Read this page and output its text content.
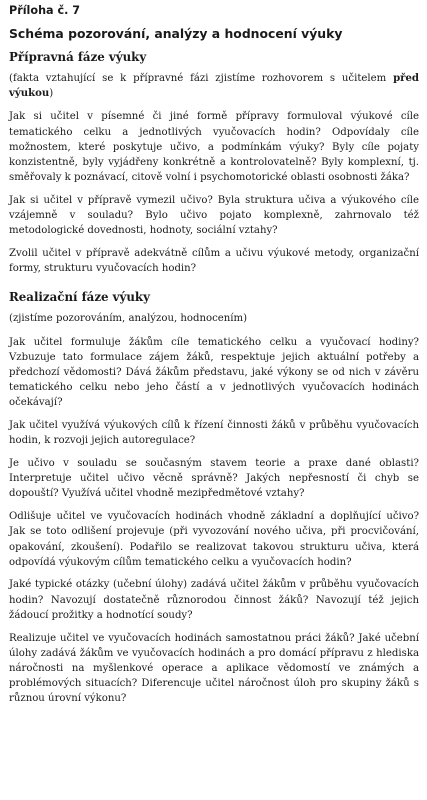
Příloha č. 7
Schéma pozorování, analýzy a hodnocení výuky
Přípravná fáze výuky

(fakta vztahující se k přípravné fázi zjistíme rozhovorem s učitelem před výukou)

Jak si učitel v písemné či jiné formě přípravy formuloval výukové cíle tematického celku a jednotlivých vyučovacích hodin? Odpovídaly cíle možnostem, které poskytuje učivo, a podmínkám výuky? Byly cíle pojaty konzistentně, byly vyjádřeny konkrétně a kontrolovatelně? Byly komplexní, tj. směřovaly k poznávací, citově volní i psychomotorické oblasti osobnosti žáka?

Jak si učitel v přípravě vymezil učivo? Byla struktura učiva a výukového cíle vzájemně v souladu? Bylo učivo pojato komplexně, zahrnovalo též metodologické dovednosti, hodnoty, sociální vztahy?

Zvolil učitel v přípravě adekvátně cílům a učivu výukové metody, organizační formy, strukturu vyučovacích hodin?

Realizační fáze výuky

(zjistíme pozorováním, analýzou, hodnocením)

Jak učitel formuluje žákům cíle tematického celku a vyučovací hodiny? Vzbuzuje tato formulace zájem žáků, respektuje jejich aktuální potřeby a předchozí vědomosti? Dává žákům představu, jaké výkony se od nich v závěru tematického celku nebo jeho částí a v jednotlivých vyučovacích hodinách očekávají?

Jak učitel využívá výukových cílů k řízení činnosti žáků v průběhu vyučovacích hodin, k rozvoji jejich autoregulace?

Je učivo v souladu se současným stavem teorie a praxe dané oblasti? Interpretuje učitel učivo věcně správně? Jakých nepřesností či chyb se dopouští? Využívá učitel vhodně mezipředmětové vztahy?

Odlišuje učitel ve vyučovacích hodinách vhodně základní a doplňující učivo? Jak se toto odlišení projevuje (při vyvozování nového učiva, při procvičování, opakování, zkoušení). Podařilo se realizovat takovou strukturu učiva, která odpovídá výukovým cílům tematického celku a vyučovacích hodin?

Jaké typické otázky (učební úlohy) zadává učitel žákům v průběhu vyučovacích hodin? Navozují dostatečně různorodou činnost žáků? Navozují též jejich žádoucí prožitky a hodnotící soudy?

Realizuje učitel ve vyučovacích hodinách samostatnou práci žáků? Jaké učební úlohy zadává žákům ve vyučovacích hodinách a pro domácí přípravu z hlediska náročnosti na myšlenkové operace a aplikace vědomostí ve známých a problémových situacích? Diferencuje učitel náročnost úloh pro skupiny žáků s různou úrovní výkonu?
